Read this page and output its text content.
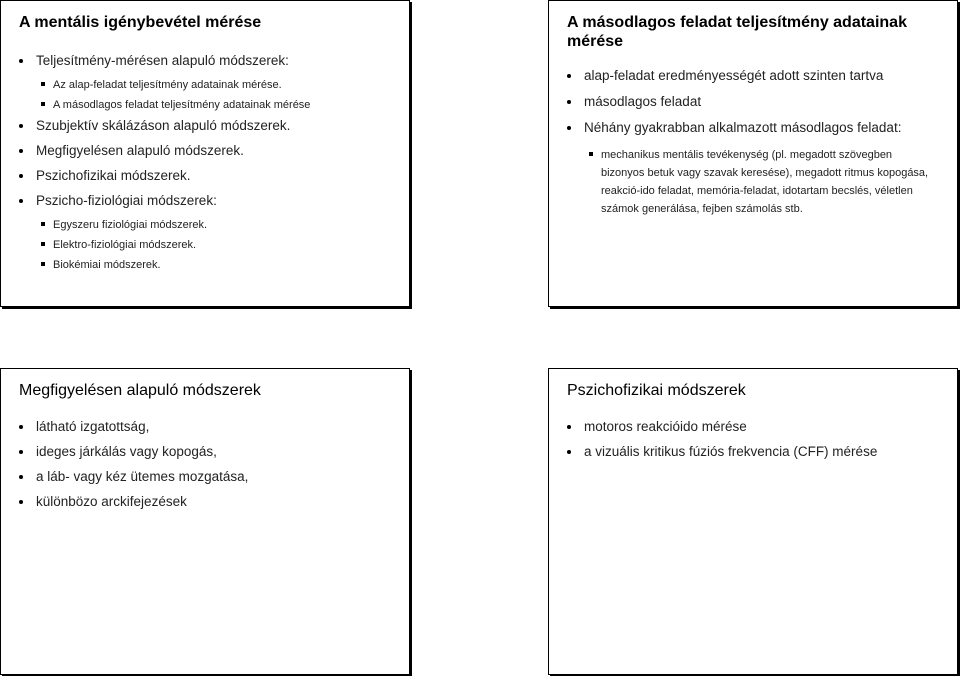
A mentális igénybevétel mérése
Teljesítmény-mérésen alapuló módszerek:
Az alap-feladat teljesítmény adatainak mérése.
A másodlagos feladat teljesítmény adatainak mérése
Szubjektív skálázáson alapuló módszerek.
Megfigyelésen alapuló módszerek.
Pszichofizikai módszerek.
Pszicho-fiziológiai módszerek:
Egyszeru fiziológiai módszerek.
Elektro-fiziológiai módszerek.
Biokémiai módszerek.
A másodlagos feladat teljesítmény adatainak mérése
alap-feladat eredményességét adott szinten tartva
másodlagos feladat
Néhány gyakrabban alkalmazott másodlagos feladat:
mechanikus mentális tevékenység (pl. megadott szövegben bizonyos betuk vagy szavak keresése), megadott ritmus kopogása, reakció-ido feladat, memória-feladat, idotartam becslés, véletlen számok generálása, fejben számolás stb.
Megfigyelésen alapuló módszerek
látható izgatottság,
ideges járkálás vagy kopogás,
a láb- vagy kéz ütemes mozgatása,
különbözo arckifejezések
Pszichofizikai módszerek
motoros reakcióido mérése
a vizuális kritikus fúziós frekvencia (CFF) mérése
